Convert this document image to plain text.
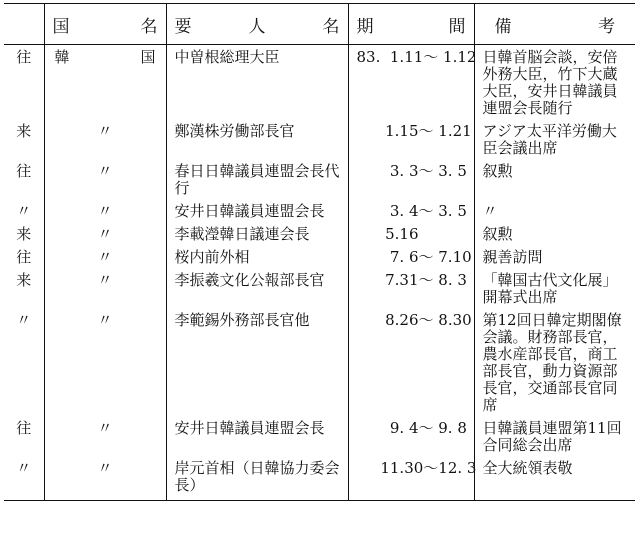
	国 名	要 人 名	期 間	備 考

往	韓 国	中曽根総理大臣	83.  1.11～ 1.12	日韓首脳会談，安倍外務大臣，竹下大蔵大臣，安井日韓議員連盟会長随行
来	〃	鄭漢株労働部長官	1.15～ 1.21	アジア太平洋労働大臣会議出席
往	〃	春日日韓議員連盟会長代行	3. 3～ 3. 5	叙勲
〃	〃	安井日韓議員連盟会長	3. 4～ 3. 5	〃
来	〃	李載瀅韓日議連会長	5.16	叙勲
往	〃	桜内前外相	7. 6～ 7.10	親善訪問
来	〃	李振羲文化公報部長官	7.31～ 8. 3	「韓国古代文化展」開幕式出席
〃	〃	李範錫外務部長官他	8.26～ 8.30	第12回日韓定期閣僚会議。財務部長官，農水産部長官，商工部長官，動力資源部長官，交通部長官同席
往	〃	安井日韓議員連盟会長	9. 4～ 9. 8	日韓議員連盟第11回合同総会出席
〃	〃	岸元首相（日韓協力委会長）	11.30～12. 3	全大統領表敬
